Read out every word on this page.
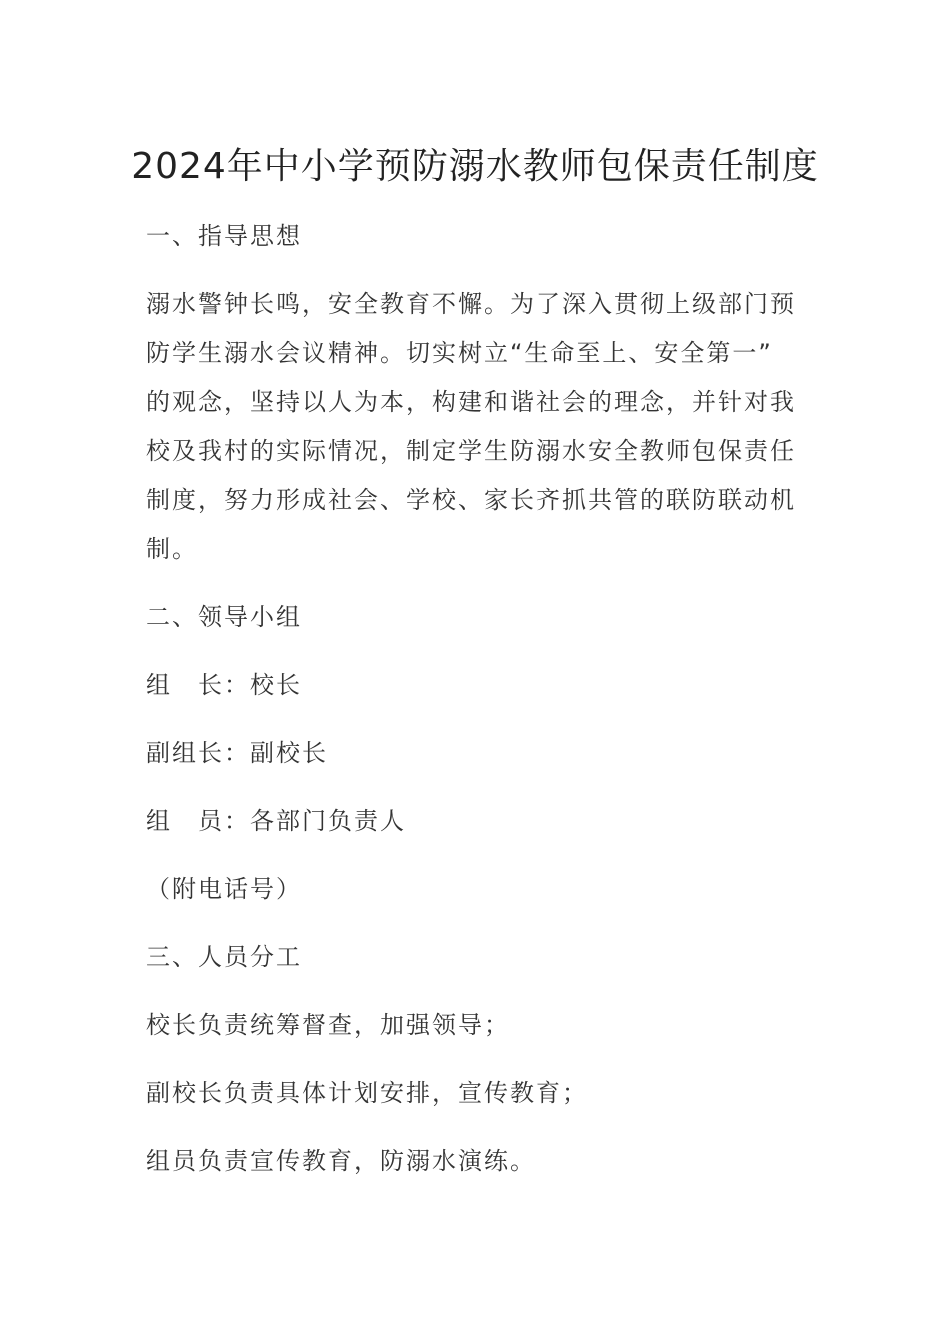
2024年中小学预防溺水教师包保责任制度

一、指导思想

溺水警钟长鸣，安全教育不懈。为了深入贯彻上级部门预

防学生溺水会议精神。切实树立“生命至上、安全第一”

的观念，坚持以人为本，构建和谐社会的理念，并针对我

校及我村的实际情况，制定学生防溺水安全教师包保责任

制度，努力形成社会、学校、家长齐抓共管的联防联动机

制。

二、领导小组

组　长：校长

副组长：副校长

组　员：各部门负责人

（附电话号）

三、人员分工

校长负责统筹督查，加强领导；

副校长负责具体计划安排，宣传教育；

组员负责宣传教育，防溺水演练。
